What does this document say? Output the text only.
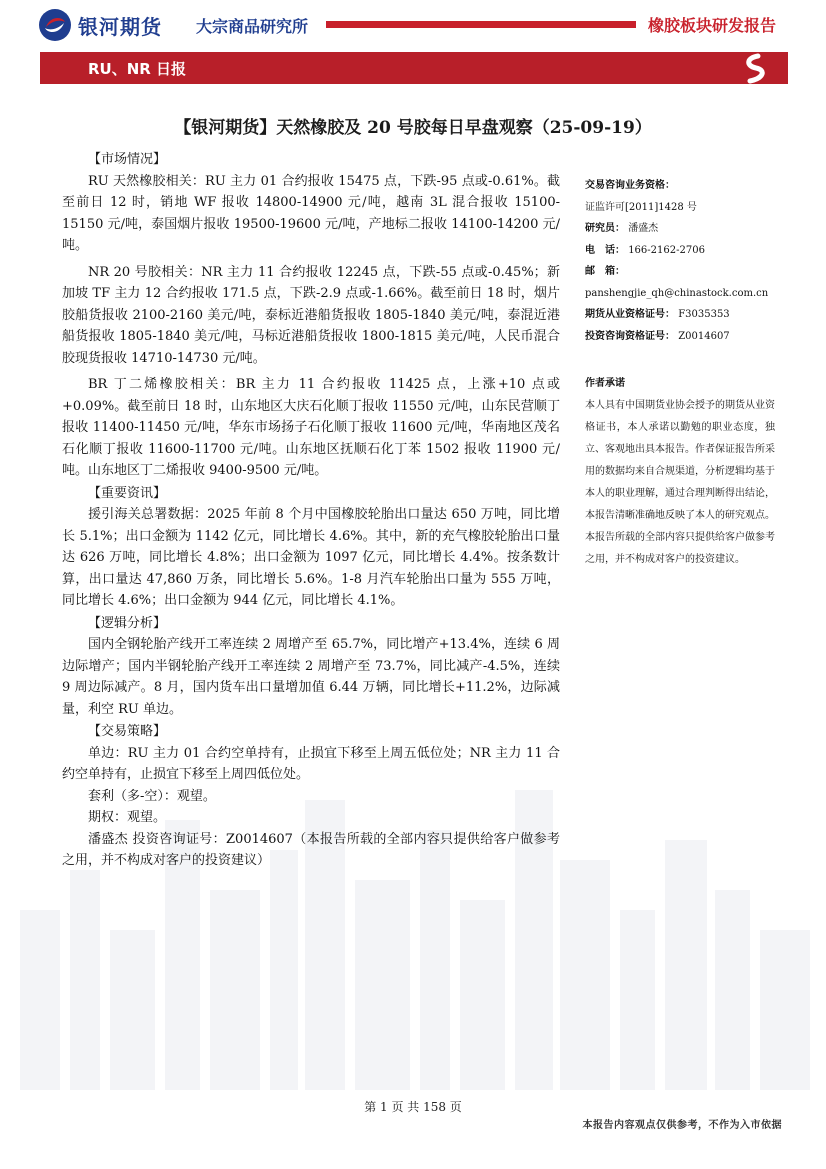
银河期货 大宗商品研究所	橡胶板块研发报告
RU、NR 日报
【银河期货】天然橡胶及 20 号胶每日早盘观察（25-09-19）

【市场情况】

RU 天然橡胶相关：RU 主力 01 合约报收 15475 点，下跌-95 点或-0.61%。截至前日 12 时，销地 WF 报收 14800-14900 元/吨，越南 3L 混合报收 15100-15150 元/吨，泰国烟片报收 19500-19600 元/吨，产地标二报收 14100-14200 元/吨。

NR 20 号胶相关：NR 主力 11 合约报收 12245 点，下跌-55 点或-0.45%；新加坡 TF 主力 12 合约报收 171.5 点，下跌-2.9 点或-1.66%。截至前日 18 时，烟片胶船货报收 2100-2160 美元/吨，泰标近港船货报收 1805-1840 美元/吨，泰混近港船货报收 1805-1840 美元/吨，马标近港船货报收 1800-1815 美元/吨，人民币混合胶现货报收 14710-14730 元/吨。

BR 丁二烯橡胶相关：BR 主力 11 合约报收 11425 点，上涨+10 点或+0.09%。截至前日 18 时，山东地区大庆石化顺丁报收 11550 元/吨，山东民营顺丁报收 11400-11450 元/吨，华东市场扬子石化顺丁报收 11600 元/吨，华南地区茂名石化顺丁报收 11600-11700 元/吨。山东地区抚顺石化丁苯 1502 报收 11900 元/吨。山东地区丁二烯报收 9400-9500 元/吨。

【重要资讯】

援引海关总署数据：2025 年前 8 个月中国橡胶轮胎出口量达 650 万吨，同比增长 5.1%；出口金额为 1142 亿元，同比增长 4.6%。其中，新的充气橡胶轮胎出口量达 626 万吨，同比增长 4.8%；出口金额为 1097 亿元，同比增长 4.4%。按条数计算，出口量达 47,860 万条，同比增长 5.6%。1-8 月汽车轮胎出口量为 555 万吨，同比增长 4.6%；出口金额为 944 亿元，同比增长 4.1%。

【逻辑分析】

国内全钢轮胎产线开工率连续 2 周增产至 65.7%，同比增产+13.4%，连续 6 周边际增产；国内半钢轮胎产线开工率连续 2 周增产至 73.7%，同比减产-4.5%，连续 9 周边际减产。8 月，国内货车出口量增加值 6.44 万辆，同比增长+11.2%，边际减量，利空 RU 单边。

【交易策略】

单边：RU 主力 01 合约空单持有，止损宜下移至上周五低位处；NR 主力 11 合约空单持有，止损宜下移至上周四低位处。

套利（多-空）：观望。

期权：观望。

潘盛杰 投资咨询证号：Z0014607（本报告所载的全部内容只提供给客户做参考之用，并不构成对客户的投资建议）

交易咨询业务资格：
证监许可[2011]1428 号
研究员： 潘盛杰
电　话： 166-2162-2706
邮　箱：
panshengjie_qh@chinastock.com.cn
期货从业资格证号： F3035353
投资咨询资格证号： Z0014607
作者承诺
本人具有中国期货业协会授予的期货从业资格证书，本人承诺以勤勉的职业态度，独立、客观地出具本报告。作者保证报告所采用的数据均来自合规渠道，分析逻辑均基于本人的职业理解，通过合理判断得出结论，本报告清晰准确地反映了本人的研究观点。本报告所载的全部内容只提供给客户做参考之用，并不构成对客户的投资建议。
第 1 页 共 158 页
本报告内容观点仅供参考，不作为入市依据
